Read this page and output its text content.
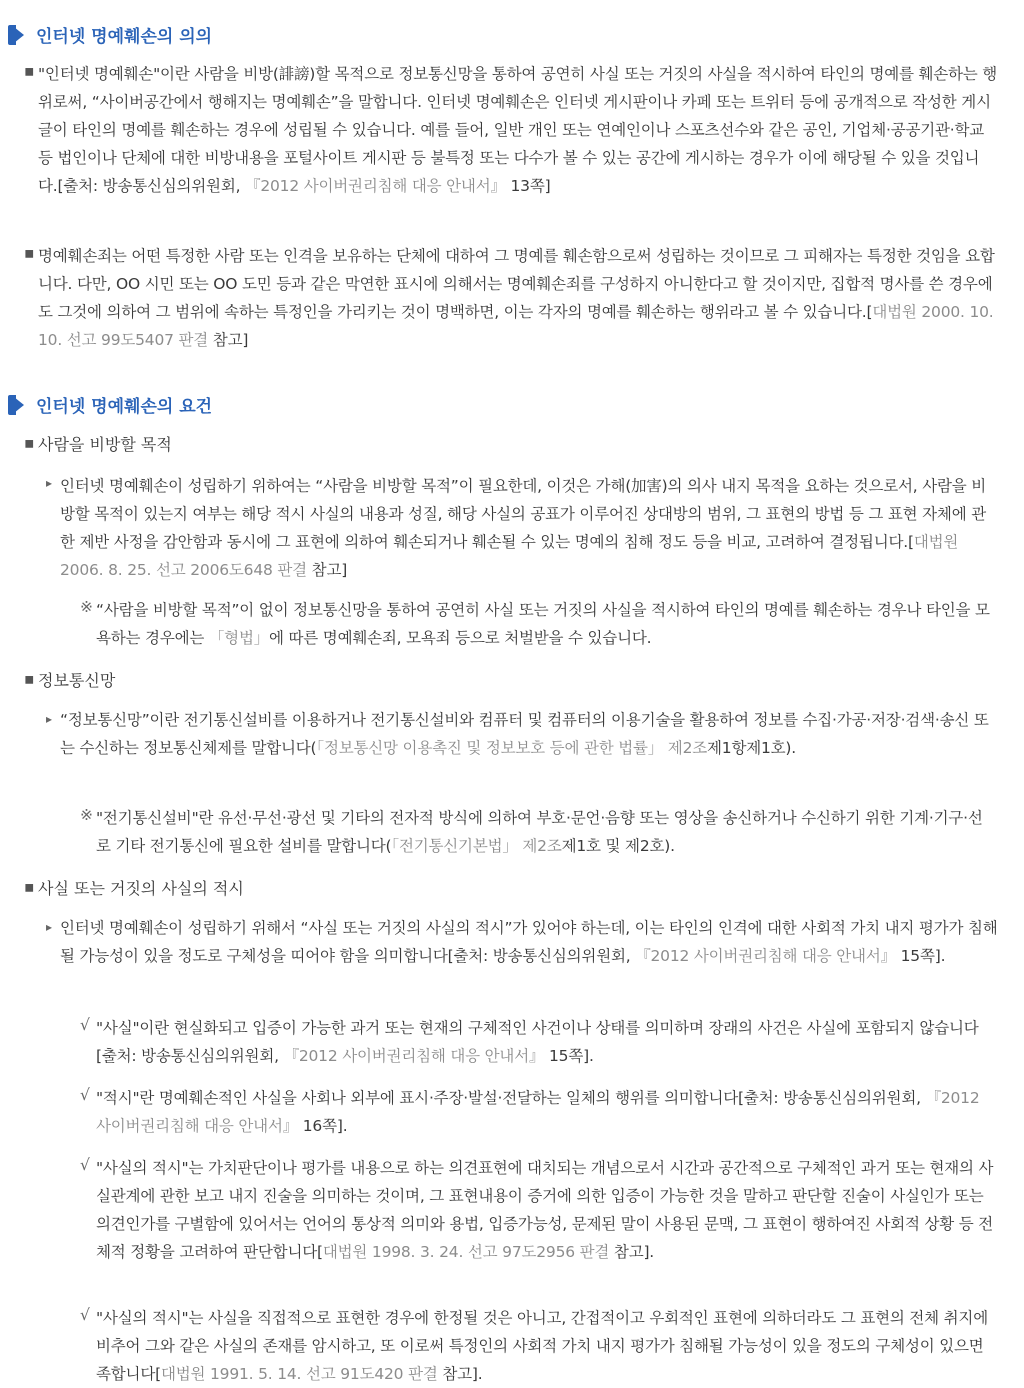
인터넷 명예훼손의 의의
▪ "인터넷 명예훼손"이란 사람을 비방(誹謗)할 목적으로 정보통신망을 통하여 공연히 사실 또는 거짓의 사실을 적시하여 타인의 명예를 훼손하는 행위로써, “사이버공간에서 행해지는 명예훼손”을 말합니다. 인터넷 명예훼손은 인터넷 게시판이나 카페 또는 트위터 등에 공개적으로 작성한 게시글이 타인의 명예를 훼손하는 경우에 성립될 수 있습니다. 예를 들어, 일반 개인 또는 연예인이나 스포츠선수와 같은 공인, 기업체·공공기관·학교 등 법인이나 단체에 대한 비방내용을 포털사이트 게시판 등 불특정 또는 다수가 볼 수 있는 공간에 게시하는 경우가 이에 해당될 수 있을 것입니다.[출처: 방송통신심의위원회, 『2012 사이버권리침해 대응 안내서』 13쪽]

▪ 명예훼손죄는 어떤 특정한 사람 또는 인격을 보유하는 단체에 대하여 그 명예를 훼손함으로써 성립하는 것이므로 그 피해자는 특정한 것임을 요합니다. 다만, OO 시민 또는 OO 도민 등과 같은 막연한 표시에 의해서는 명예훼손죄를 구성하지 아니한다고 할 것이지만, 집합적 명사를 쓴 경우에도 그것에 의하여 그 범위에 속하는 특정인을 가리키는 것이 명백하면, 이는 각자의 명예를 훼손하는 행위라고 볼 수 있습니다.[대법원 2000. 10. 10. 선고 99도5407 판결 참고]

인터넷 명예훼손의 요건
▪ 사람을 비방할 목적
▸ 인터넷 명예훼손이 성립하기 위하여는 “사람을 비방할 목적”이 필요한데, 이것은 가해(加害)의 의사 내지 목적을 요하는 것으로서, 사람을 비방할 목적이 있는지 여부는 해당 적시 사실의 내용과 성질, 해당 사실의 공표가 이루어진 상대방의 범위, 그 표현의 방법 등 그 표현 자체에 관한 제반 사정을 감안함과 동시에 그 표현에 의하여 훼손되거나 훼손될 수 있는 명예의 침해 정도 등을 비교, 고려하여 결정됩니다.[대법원 2006. 8. 25. 선고 2006도648 판결 참고]

※ “사람을 비방할 목적”이 없이 정보통신망을 통하여 공연히 사실 또는 거짓의 사실을 적시하여 타인의 명예를 훼손하는 경우나 타인을 모욕하는 경우에는 「형법」에 따른 명예훼손죄, 모욕죄 등으로 처벌받을 수 있습니다.

▪ 정보통신망
▸ “정보통신망”이란 전기통신설비를 이용하거나 전기통신설비와 컴퓨터 및 컴퓨터의 이용기술을 활용하여 정보를 수집·가공·저장·검색·송신 또는 수신하는 정보통신체제를 말합니다(「정보통신망 이용촉진 및 정보보호 등에 관한 법률」 제2조제1항제1호).

※ "전기통신설비"란 유선·무선·광선 및 기타의 전자적 방식에 의하여 부호·문언·음향 또는 영상을 송신하거나 수신하기 위한 기계·기구·선로 기타 전기통신에 필요한 설비를 말합니다(「전기통신기본법」 제2조제1호 및 제2호).

▪ 사실 또는 거짓의 사실의 적시
▸ 인터넷 명예훼손이 성립하기 위해서 “사실 또는 거짓의 사실의 적시”가 있어야 하는데, 이는 타인의 인격에 대한 사회적 가치 내지 평가가 침해될 가능성이 있을 정도로 구체성을 띠어야 함을 의미합니다[출처: 방송통신심의위원회, 『2012 사이버권리침해 대응 안내서』 15쪽].

√ "사실"이란 현실화되고 입증이 가능한 과거 또는 현재의 구체적인 사건이나 상태를 의미하며 장래의 사건은 사실에 포함되지 않습니다[출처: 방송통신심의위원회, 『2012 사이버권리침해 대응 안내서』 15쪽].

√ "적시"란 명예훼손적인 사실을 사회나 외부에 표시·주장·발설·전달하는 일체의 행위를 의미합니다[출처: 방송통신심의위원회, 『2012 사이버권리침해 대응 안내서』 16쪽].

√ "사실의 적시"는 가치판단이나 평가를 내용으로 하는 의견표현에 대치되는 개념으로서 시간과 공간적으로 구체적인 과거 또는 현재의 사실관계에 관한 보고 내지 진술을 의미하는 것이며, 그 표현내용이 증거에 의한 입증이 가능한 것을 말하고 판단할 진술이 사실인가 또는 의견인가를 구별함에 있어서는 언어의 통상적 의미와 용법, 입증가능성, 문제된 말이 사용된 문맥, 그 표현이 행하여진 사회적 상황 등 전체적 정황을 고려하여 판단합니다[대법원 1998. 3. 24. 선고 97도2956 판결 참고].

√ "사실의 적시"는 사실을 직접적으로 표현한 경우에 한정될 것은 아니고, 간접적이고 우회적인 표현에 의하더라도 그 표현의 전체 취지에 비추어 그와 같은 사실의 존재를 암시하고, 또 이로써 특정인의 사회적 가치 내지 평가가 침해될 가능성이 있을 정도의 구체성이 있으면 족합니다[대법원 1991. 5. 14. 선고 91도420 판결 참고].
